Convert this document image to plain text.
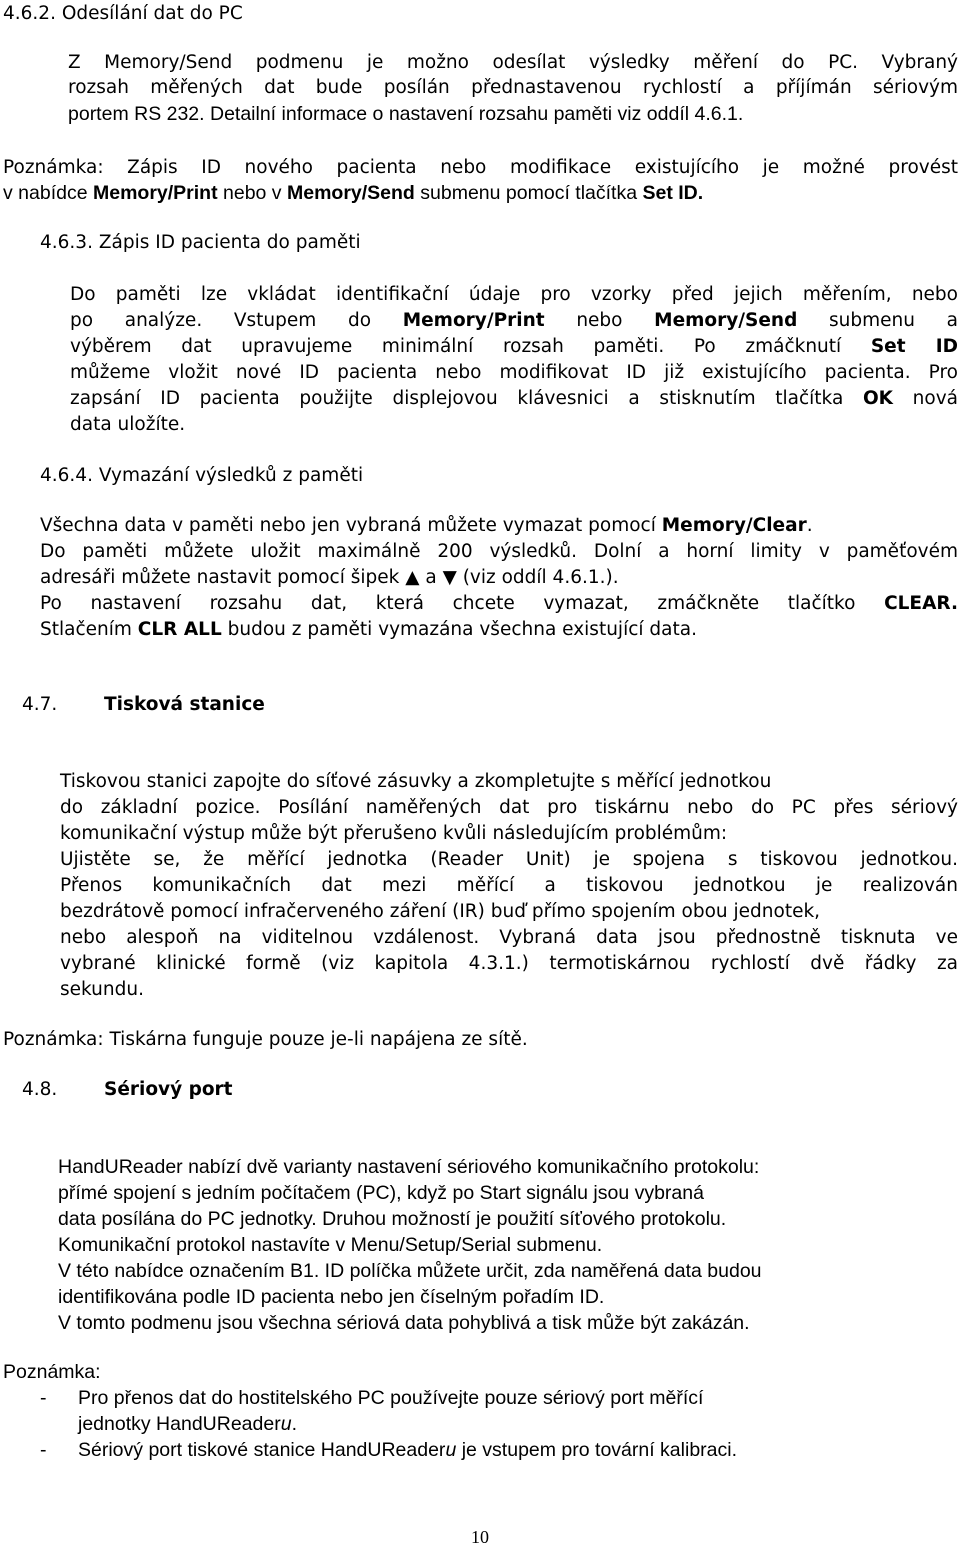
4.6.2. Odesílání dat do PC
Z Memory/Send podmenu je možno odesílat výsledky měření do PC. Vybraný
rozsah měřených dat bude posílán přednastavenou rychlostí a příjímán sériovým
portem RS 232. Detailní informace o nastavení rozsahu paměti viz oddíl 4.6.1.
Poznámka: Zápis ID nového pacienta nebo modifikace existujícího je možné provést
v nabídce Memory/Print nebo v Memory/Send submenu pomocí tlačítka Set ID.
4.6.3. Zápis ID pacienta do paměti
Do paměti lze vkládat identifikační údaje pro vzorky před jejich měřením, nebo
po analýze. Vstupem do Memory/Print nebo Memory/Send submenu a
výběrem dat upravujeme minimální rozsah paměti. Po zmáčknutí Set ID
můžeme vložit nové ID pacienta nebo modifikovat ID již existujícího pacienta. Pro
zapsání ID pacienta použijte displejovou klávesnici a stisknutím tlačítka OK nová
data uložíte.
4.6.4. Vymazání výsledků z paměti
Všechna data v paměti nebo jen vybraná můžete vymazat pomocí Memory/Clear.
Do paměti můžete uložit maximálně 200 výsledků. Dolní a horní limity v paměťovém
adresáři můžete nastavit pomocí šipek ▲ a ▼ (viz oddíl 4.6.1.).
Po nastavení rozsahu dat, která chcete vymazat, zmáčkněte tlačítko CLEAR.
Stlačením CLR ALL budou z paměti vymazána všechna existující data.
4.7.	Tisková stanice
Tiskovou stanici zapojte do síťové zásuvky a zkompletujte s měřící jednotkou
do základní pozice. Posílání naměřených dat pro tiskárnu nebo do PC přes sériový
komunikační výstup může být přerušeno kvůli následujícím problémům:
Ujistěte se, že měřící jednotka (Reader Unit) je spojena s tiskovou jednotkou.
Přenos komunikačních dat mezi měřící a tiskovou jednotkou je realizován
bezdrátově pomocí infračerveného záření (IR) buď přímo spojením obou jednotek,
nebo alespoň na viditelnou vzdálenost. Vybraná data jsou přednostně tisknuta ve
vybrané klinické formě (viz kapitola 4.3.1.) termotiskárnou rychlostí dvě řádky za
sekundu.
Poznámka: Tiskárna funguje pouze je-li napájena ze sítě.
4.8.	Sériový port
HandUReader nabízí dvě varianty nastavení sériového komunikačního protokolu:
přímé spojení s jedním počítačem (PC), když po Start signálu jsou vybraná
data posílána do PC jednotky. Druhou možností je použití síťového protokolu.
Komunikační protokol nastavíte v Menu/Setup/Serial submenu.
V této nabídce označením B1. ID políčka můžete určit, zda naměřená data budou
identifikována podle ID pacienta nebo jen číselným pořadím ID.
V tomto podmenu jsou všechna sériová data pohyblivá a tisk může být zakázán.
Poznámka:
- Pro přenos dat do hostitelského PC používejte pouze sériový port měřící
jednotky HandUReaderu.
- Sériový port tiskové stanice HandUReaderu je vstupem pro tovární kalibraci.
10
